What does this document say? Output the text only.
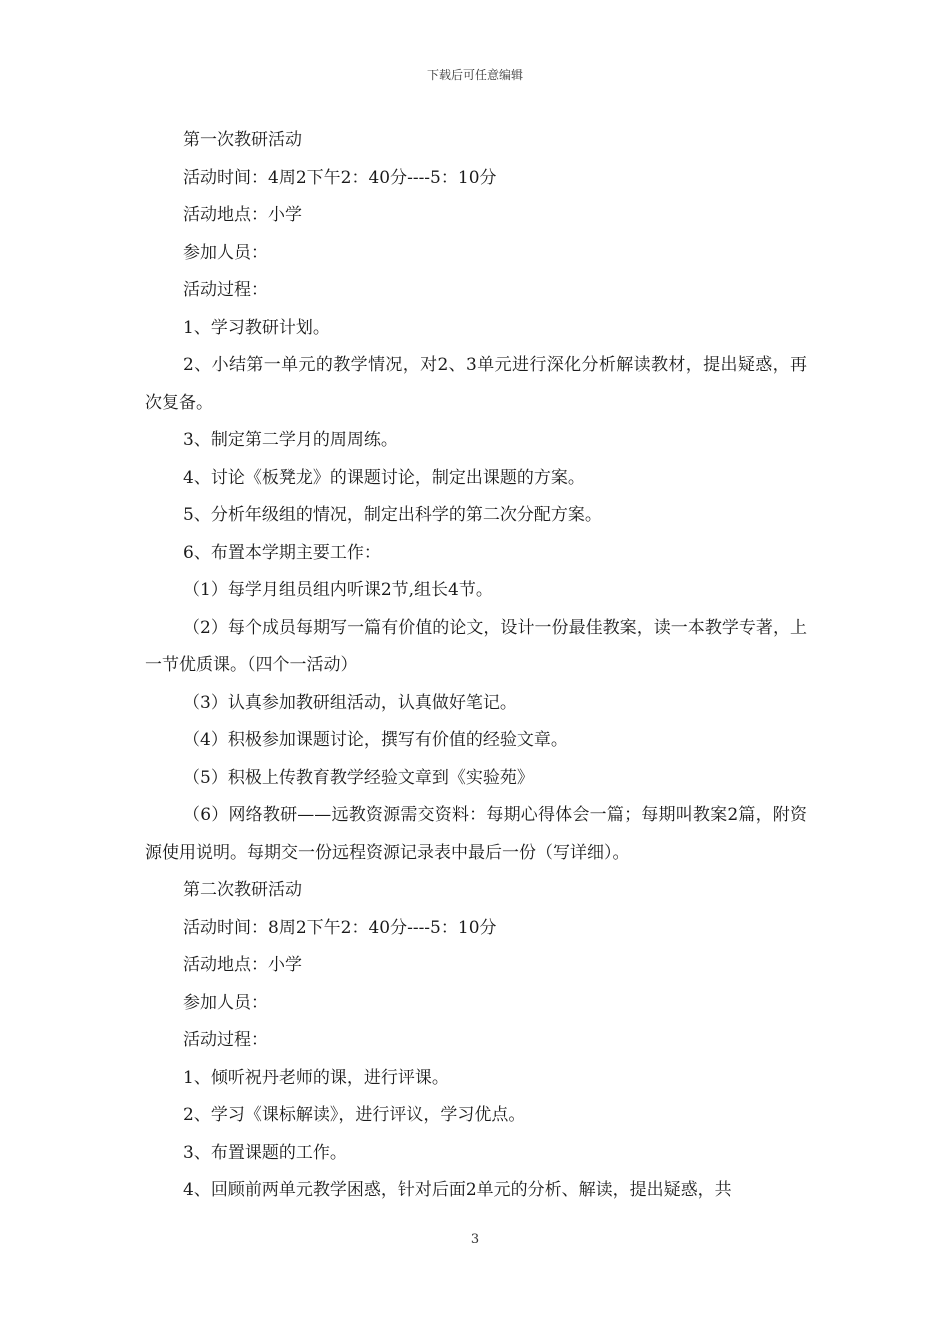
下载后可任意编辑

第一次教研活动

活动时间：4周2下午2：40分----5：10分

活动地点：小学

参加人员：

活动过程：

1、学习教研计划。

2、小结第一单元的教学情况，对2、3单元进行深化分析解读教材，提出疑惑，再次复备。

3、制定第二学月的周周练。

4、讨论《板凳龙》的课题讨论，制定出课题的方案。

5、分析年级组的情况，制定出科学的第二次分配方案。

6、布置本学期主要工作：

（1）每学月组员组内听课2节,组长4节。

（2）每个成员每期写一篇有价值的论文，设计一份最佳教案，读一本教学专著，上一节优质课。（四个一活动）

（3）认真参加教研组活动，认真做好笔记。

（4）积极参加课题讨论，撰写有价值的经验文章。

（5）积极上传教育教学经验文章到《实验苑》

（6）网络教研——远教资源需交资料：每期心得体会一篇；每期叫教案2篇，附资源使用说明。每期交一份远程资源记录表中最后一份（写详细）。

第二次教研活动

活动时间：8周2下午2：40分----5：10分

活动地点：小学

参加人员：

活动过程：

1、倾听祝丹老师的课，进行评课。

2、学习《课标解读》，进行评议，学习优点。

3、布置课题的工作。

4、回顾前两单元教学困惑，针对后面2单元的分析、解读，提出疑惑，共

3
